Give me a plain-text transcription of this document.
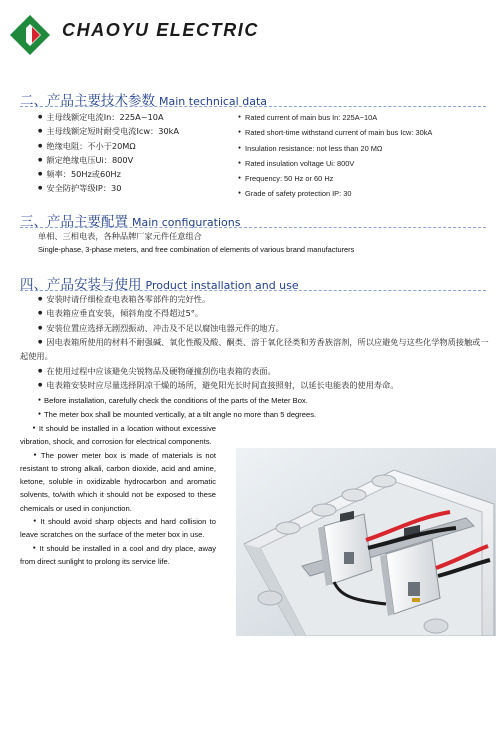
CHAOYU ELECTRIC
二、产品主要技术参数 Main technical data
● 主母线额定电流In：225A~10A
● 主母线额定短时耐受电流Icw：30kA
● 绝缘电阻：不小于20MΩ
● 额定绝缘电压Ui：800V
● 频率：50Hz或60Hz
● 安全防护等级IP：30
● Rated current of main bus In: 225A~10A
● Rated short-time withstand current of main bus Icw: 30kA
● Insulation resistance: not less than 20 MΩ
● Rated insulation voltage Ui: 800V
● Frequency: 50 Hz or 60 Hz
● Grade of safety protection IP: 30
三、产品主要配置 Main configurations
单相、三相电表，各种品牌厂家元件任意组合
Single-phase, 3-phase meters, and free combination of elements of various brand manufacturers
四、产品安装与使用 Product installation and use
● 安装时请仔细检查电表箱各零部件的完好性。
● 电表箱应垂直安装，倾斜角度不得超过5°。
● 安装位置应选择无剧烈振动、冲击及不足以腐蚀电器元件的地方。
● 因电表箱所使用的材料不耐强碱、氧化性酸及酸、酮类、溶于氧化径类和芳香族溶剂，所以应避免与这些化学物质接触或一起使用。
● 在使用过程中应该避免尖锐物品及硬物碰撞刮伤电表箱的表面。
● 电表箱安装时应尽量选择阴凉干燥的场所，避免阳光长时间直接照射，以延长电能表的使用寿命。
● Before installation, carefully check the conditions of the parts of the Meter Box.
● The meter box shall be mounted vertically, at a tilt angle no more than 5 degrees.
● It should be installed in a location without excessive vibration, shock, and corrosion for electrical components.
● The power meter box is made of materials is not resistant to strong alkali, carbon dioxide, acid and amine, ketone, soluble in oxidizable hydrocarbon and aromatic solvents, to/with which it should not be exposed to these chemicals or used in conjunction.
● It should avoid sharp objects and hard collision to leave scratches on the surface of the meter box in use.
● It should be installed in a cool and dry place, away from direct sunlight to prolong its service life.
